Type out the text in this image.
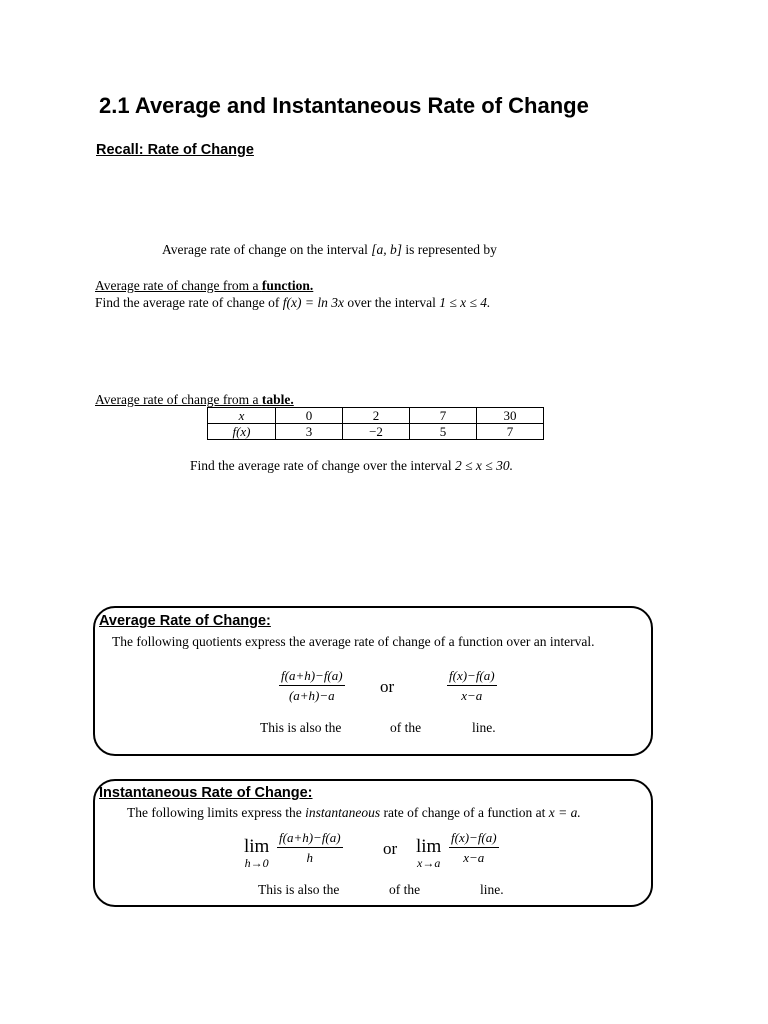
2.1 Average and Instantaneous Rate of Change
Recall: Rate of Change
Average rate of change on the interval [a, b] is represented by
Average rate of change from a function.
Find the average rate of change of f(x) = ln 3x over the interval 1 ≤ x ≤ 4.
Average rate of change from a table.
x	0	2	7	30
f(x)	3	−2	5	7
Find the average rate of change over the interval 2 ≤ x ≤ 30.
Average Rate of Change:
The following quotients express the average rate of change of a function over an interval.
$\frac{f(a+h)-f(a)}{(a+h)-a}$ or	$\frac{f(x)-f(a)}{x-a}$
This is also the	of the	line.
Instantaneous Rate of Change:
The following limits express the instantaneous rate of change of a function at x = a.
lim
$h\to 0 \frac{f(a+h)-f(a)}{h}$ or lim
$x\to a \frac{f(x)-f(a)}{x-a}$
This is also the	of the	line.
